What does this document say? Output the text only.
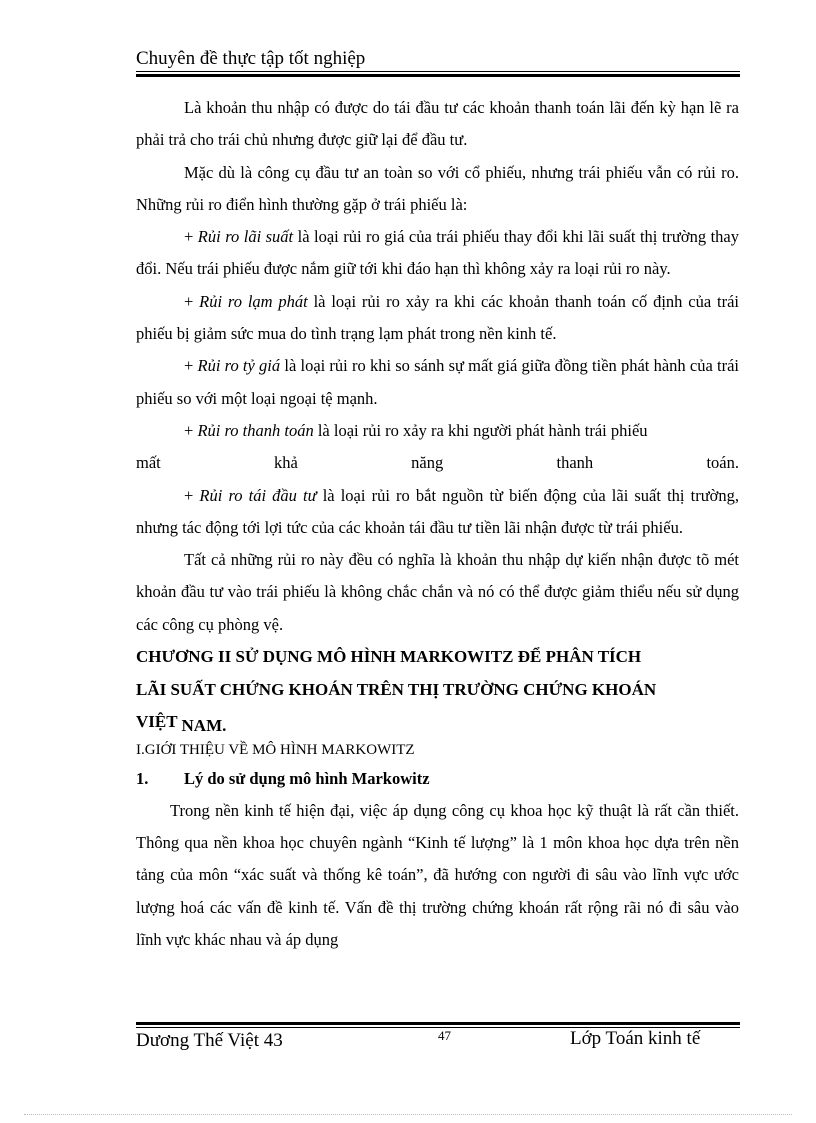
Chuyên đề thực tập tốt nghiệp

Là khoản thu nhập có được do tái đầu tư các khoản thanh toán lãi đến kỳ hạn lẽ ra phải trả cho trái chủ nhưng được giữ lại để đầu tư.

Mặc dù là công cụ đầu tư an toàn so với cổ phiếu, nhưng trái phiếu vẫn có rủi ro. Những rủi ro điển hình thường gặp ở trái phiếu là:

+ Rủi ro lãi suất là loại rủi ro giá của trái phiếu thay đổi khi lãi suất thị trường thay đổi. Nếu trái phiếu được nắm giữ tới khi đáo hạn thì không xảy ra loại rủi ro này.

+ Rủi ro lạm phát là loại rủi ro xảy ra khi các khoản thanh toán cố định của trái phiếu bị giảm sức mua do tình trạng lạm phát trong nền kinh tế.

+ Rủi ro tỷ giá là loại rủi ro khi so sánh sự mất giá giữa đồng tiền phát hành của trái phiếu so với một loại ngoại tệ mạnh.

+ Rủi ro thanh toán là loại rủi ro xảy ra khi người phát hành trái phiếu

mất	khả	năng	thanh	toán.

+ Rủi ro tái đầu tư là loại rủi ro bắt nguồn từ biến động của lãi suất thị trường, nhưng tác động tới lợi tức của các khoản tái đầu tư tiền lãi nhận được từ trái phiếu.

Tất cả những rủi ro này đều có nghĩa là khoản thu nhập dự kiến nhận được tõ mét khoản đầu tư vào trái phiếu là không chắc chắn và nó có thể được giảm thiểu nếu sử dụng các công cụ phòng vệ.

CHƯƠNG II SỬ DỤNG MÔ HÌNH MARKOWITZ ĐỂ PHÂN TÍCH

LÃI SUẤT CHỨNG KHOÁN TRÊN THỊ TRƯỜNG CHỨNG KHOÁN

VIỆT NAM.

I.GIỚI THIỆU VỀ MÔ HÌNH MARKOWITZ

1.	Lý do sử dụng mô hình Markowitz

Trong nền kinh tế hiện đại, việc áp dụng công cụ khoa học kỹ thuật là rất cần thiết. Thông qua nền khoa học chuyên ngành “Kinh tế lượng” là 1 môn khoa học dựa trên nền tảng của môn “xác suất và thống kê toán”, đã hướng con người đi sâu vào lĩnh vực ước lượng hoá các vấn đề kinh tế. Vấn đề thị trường chứng khoán rất rộng rãi nó đi sâu vào lĩnh vực khác nhau và áp dụng

Dương Thế Việt 43	47	Lớp Toán kinh tế
